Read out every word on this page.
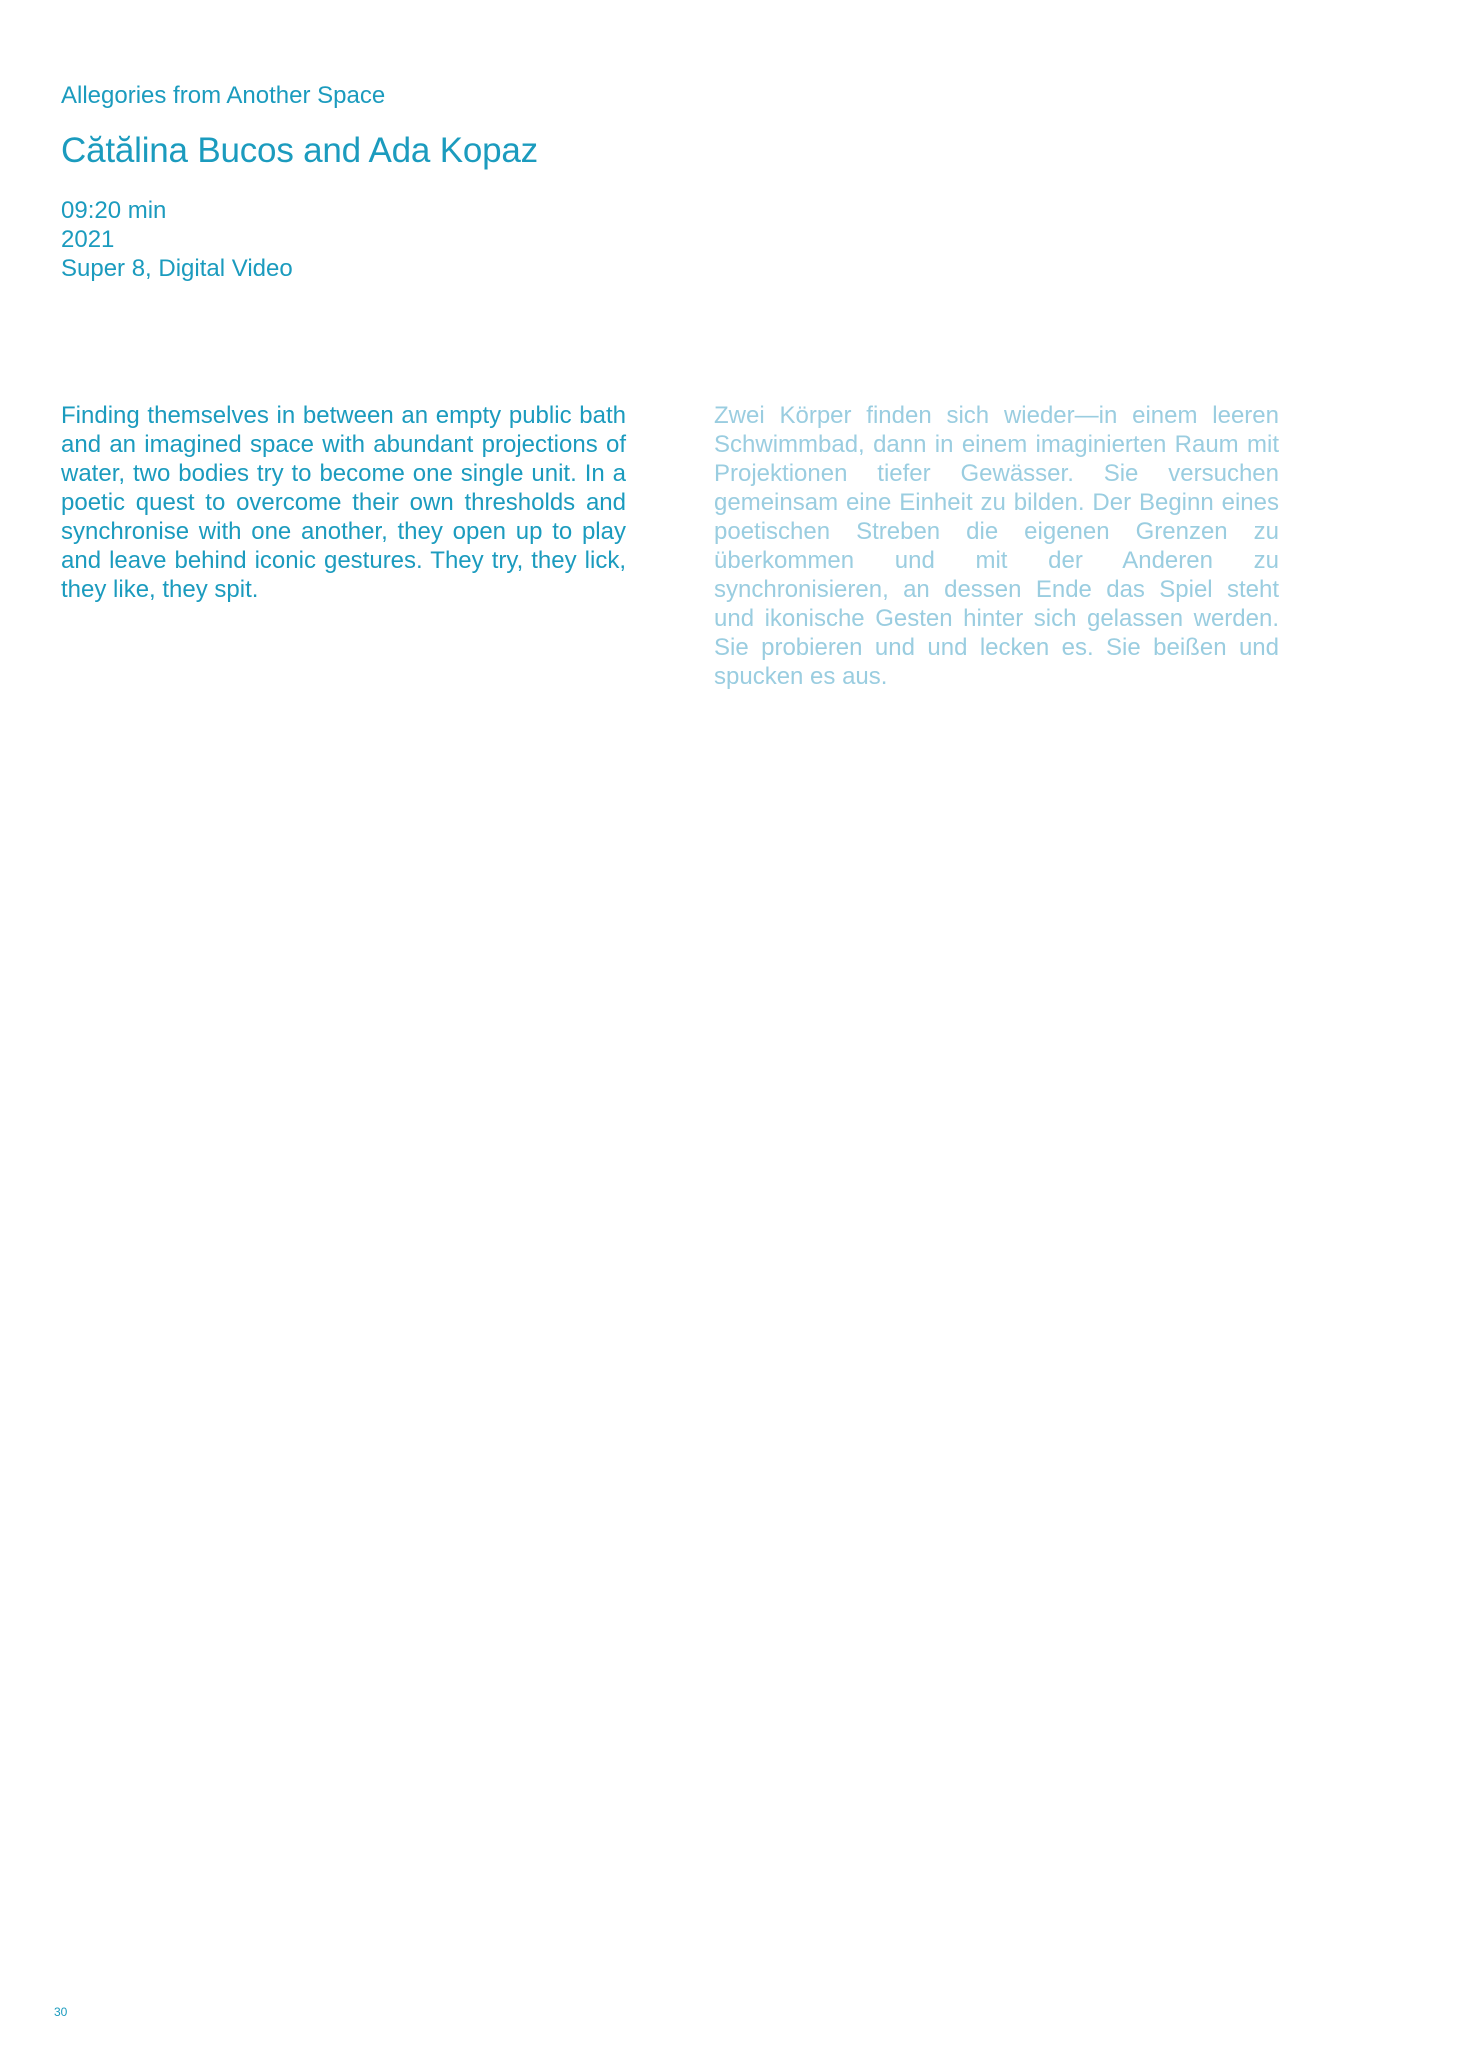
Allegories from Another Space
Cătălina Bucos and Ada Kopaz
09:20 min
2021
Super 8, Digital Video

Finding themselves in between an empty public bath and an imagined space with abundant projections of water, two bodies try to become one single unit. In a poetic quest to overcome their own thresholds and synchronise with one another, they open up to play and leave behind iconic gestures. They try, they lick, they like, they spit.

Zwei Körper finden sich wieder—in einem leeren Schwimmbad, dann in einem imaginierten Raum mit Projektionen tiefer Gewässer. Sie versuchen gemeinsam eine Einheit zu bilden. Der Beginn eines poetischen Streben die eigenen Grenzen zu überkommen und mit der Anderen zu synchronisieren, an dessen Ende das Spiel steht und ikonische Gesten hinter sich gelassen werden. Sie probieren und und lecken es. Sie beißen und spucken es aus.

30
